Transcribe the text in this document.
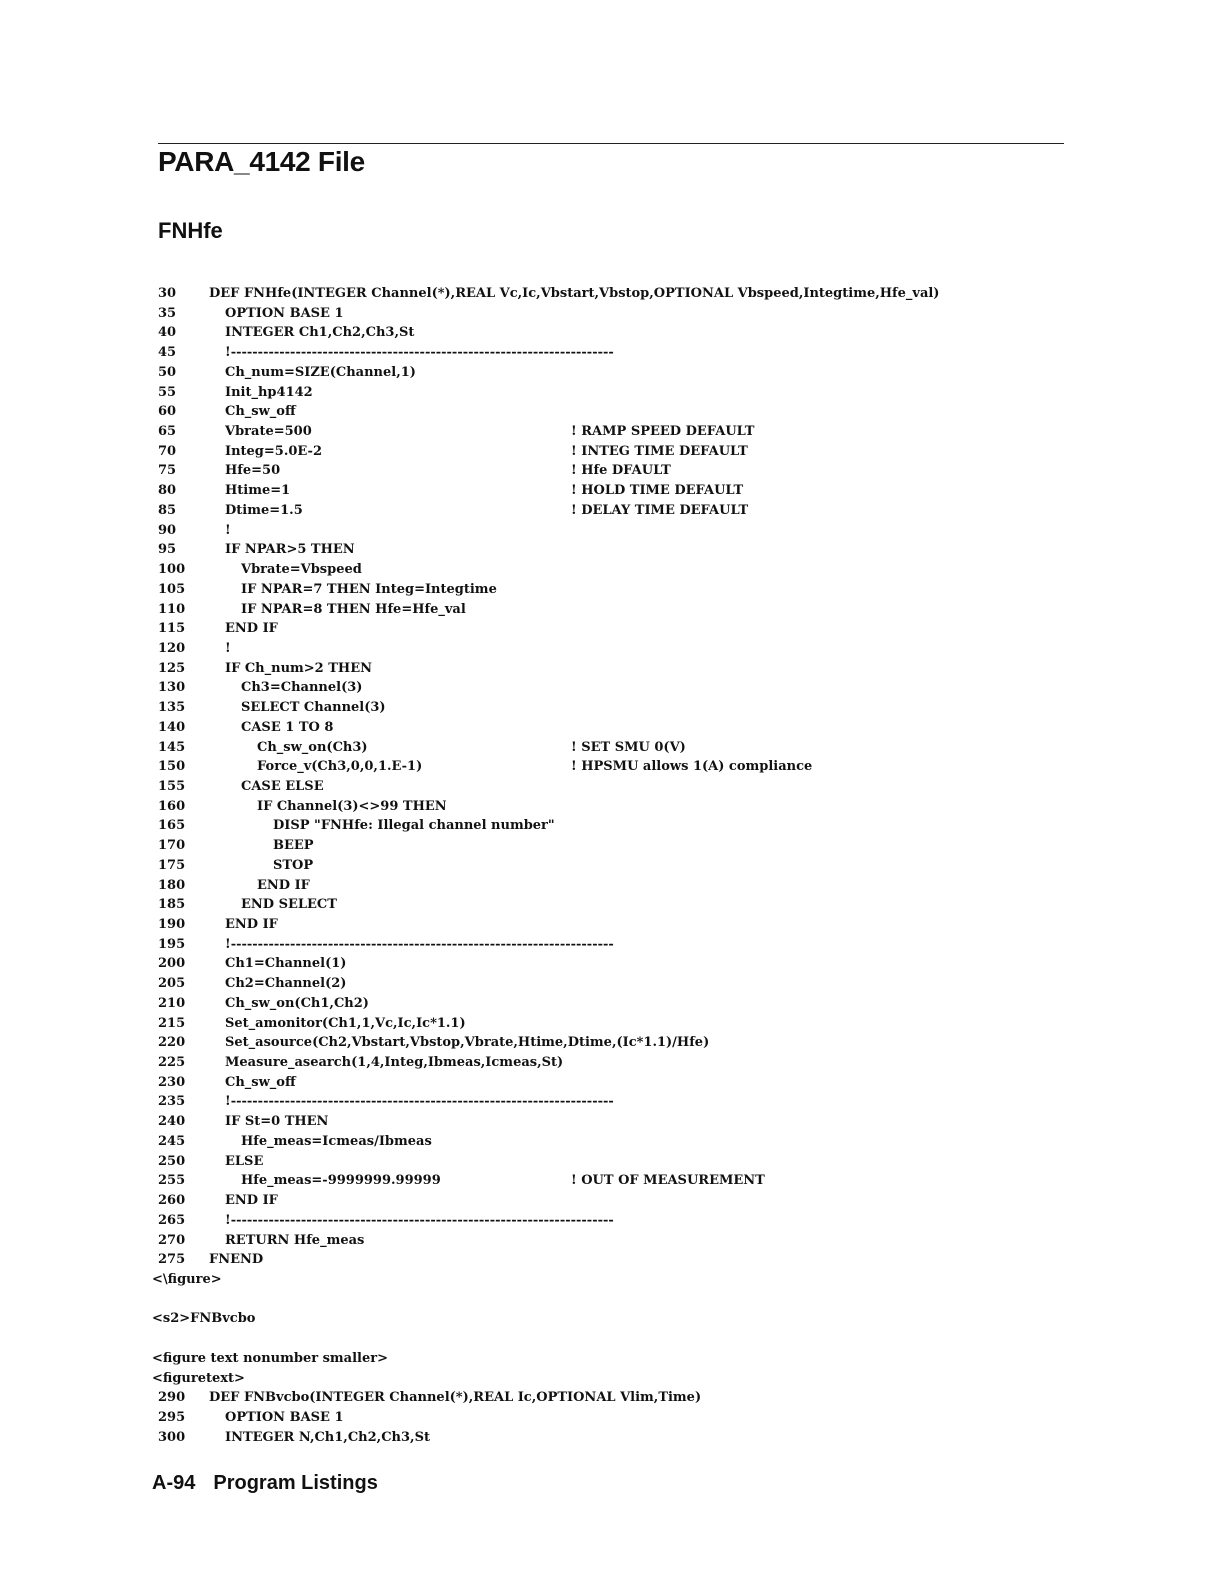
PARA_4142 File
FNHfe
30	DEF FNHfe(INTEGER Channel(*),REAL Vc,Ic,Vbstart,Vbstop,OPTIONAL Vbspeed,Integtime,Hfe_val)
35	OPTION BASE 1
40	INTEGER Ch1,Ch2,Ch3,St
45	!-----------------------------------------------------------------------
50	Ch_num=SIZE(Channel,1)
55	Init_hp4142
60	Ch_sw_off
65	Vbrate=500	! RAMP SPEED DEFAULT
70	Integ=5.0E-2	! INTEG TIME DEFAULT
75	Hfe=50	! Hfe DFAULT
80	Htime=1	! HOLD TIME DEFAULT
85	Dtime=1.5	! DELAY TIME DEFAULT
90	!
95	IF NPAR>5 THEN
100	Vbrate=Vbspeed
105	IF NPAR=7 THEN Integ=Integtime
110	IF NPAR=8 THEN Hfe=Hfe_val
115	END IF
120	!
125	IF Ch_num>2 THEN
130	Ch3=Channel(3)
135	SELECT Channel(3)
140	CASE 1 TO 8
145	Ch_sw_on(Ch3)	! SET SMU 0(V)
150	Force_v(Ch3,0,0,1.E-1)	! HPSMU allows 1(A) compliance
155	CASE ELSE
160	IF Channel(3)<>99 THEN
165	DISP "FNHfe: Illegal channel number"
170	BEEP
175	STOP
180	END IF
185	END SELECT
190	END IF
195	!-----------------------------------------------------------------------
200	Ch1=Channel(1)
205	Ch2=Channel(2)
210	Ch_sw_on(Ch1,Ch2)
215	Set_amonitor(Ch1,1,Vc,Ic,Ic*1.1)
220	Set_asource(Ch2,Vbstart,Vbstop,Vbrate,Htime,Dtime,(Ic*1.1)/Hfe)
225	Measure_asearch(1,4,Integ,Ibmeas,Icmeas,St)
230	Ch_sw_off
235	!-----------------------------------------------------------------------
240	IF St=0 THEN
245	Hfe_meas=Icmeas/Ibmeas
250	ELSE
255	Hfe_meas=-9999999.99999	! OUT OF MEASUREMENT
260	END IF
265	!-----------------------------------------------------------------------
270	RETURN Hfe_meas
275 FNEND
<\figure>
<s2>FNBvcbo
<figure text nonumber smaller>
<figuretext>
290 DEF FNBvcbo(INTEGER Channel(*),REAL Ic,OPTIONAL Vlim,Time)
295	OPTION BASE 1
300	INTEGER N,Ch1,Ch2,Ch3,St
A-94 Program Listings
